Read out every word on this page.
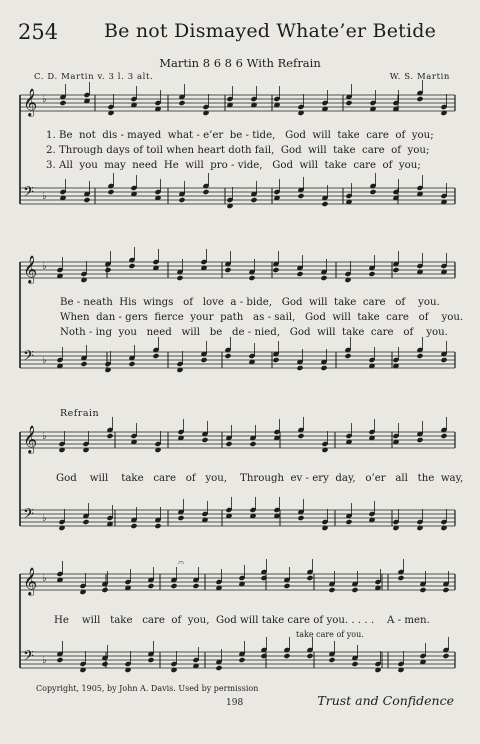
254 Be not Dismayed Whate’er Betide
Martin 8 6 8 6 With Refrain
C. D. Martin v. 3 l. 3 alt.	W. S. Martin
𝄞 ♭
𝄢 ♭
𝄞 ♭
𝄢 ♭
𝄞 ♭
𝄢 ♭
𝄞 ♭
𝄢 ♭
𝄐
1. Be not dis - mayed what - e’er be - tide, God will take care of you;
2. Through days of toil when heart doth fail, God will take care of you;
3. All you may need He will pro - vide, God will take care of you;
Be - neath His wings of love a - bide, God will take care of you.
When dan - gers fierce your path as - sail, God will take care of you.
Noth - ing you need will be de - nied, God will take care of you.
Refrain
God will take care of you, Through ev - ery day, o’er all the way,
He will take care of you, God will take care of you. . . . . A - men.
take care of you.
Copyright, 1905, by John A. Davis. Used by permission
198	Trust and Confidence
